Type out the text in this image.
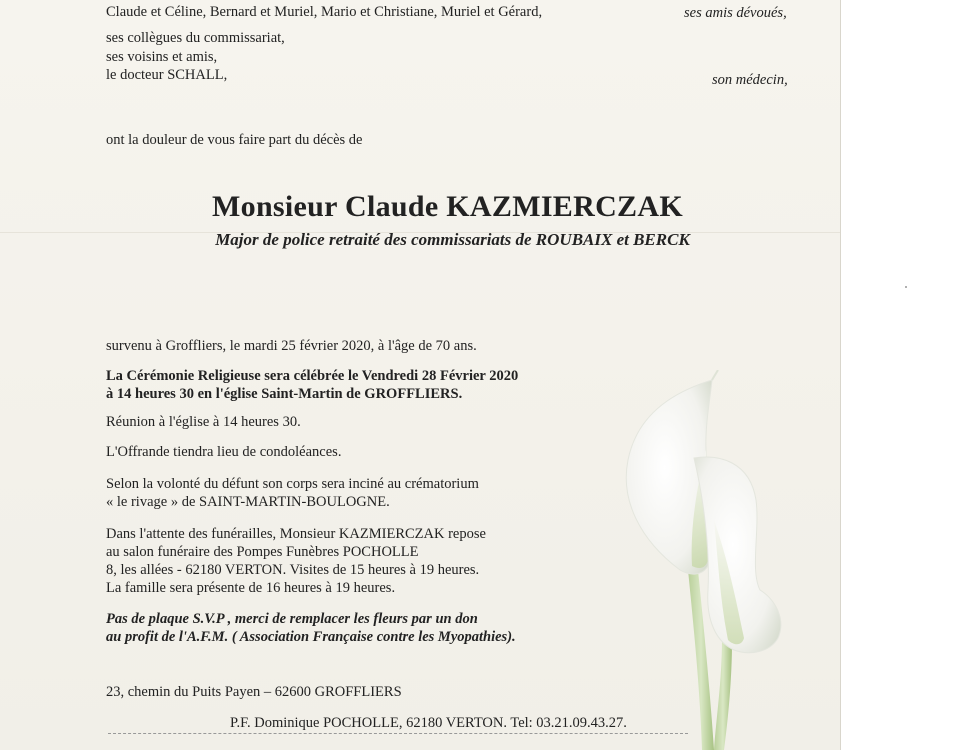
Claude et Céline, Bernard et Muriel, Mario et Christiane, Muriel et Gérard,	ses amis dévoués,
ses collègues du commissariat,
ses voisins et amis,
le docteur SCHALL,	son médecin,
ont la douleur de vous faire part du décès de
Monsieur Claude KAZMIERCZAK
Major de police retraité des commissariats de ROUBAIX et BERCK
survenu à Groffliers, le mardi 25 février 2020, à l'âge de 70 ans.
La Cérémonie Religieuse sera célébrée le Vendredi 28 Février 2020
à 14 heures 30 en l'église Saint-Martin de GROFFLIERS.
Réunion à l'église à 14 heures 30.
L'Offrande tiendra lieu de condoléances.
Selon la volonté du défunt son corps sera inciné au crématorium
« le rivage » de SAINT-MARTIN-BOULOGNE.
Dans l'attente des funérailles, Monsieur KAZMIERCZAK repose
au salon funéraire des Pompes Funèbres POCHOLLE
8, les allées - 62180 VERTON. Visites de 15 heures à 19 heures.
La famille sera présente de 16 heures à 19 heures.
Pas de plaque S.V.P , merci de remplacer les fleurs par un don
au profit de l'A.F.M. ( Association Française contre les Myopathies).
23, chemin du Puits Payen – 62600 GROFFLIERS
P.F. Dominique POCHOLLE, 62180 VERTON. Tel: 03.21.09.43.27.
